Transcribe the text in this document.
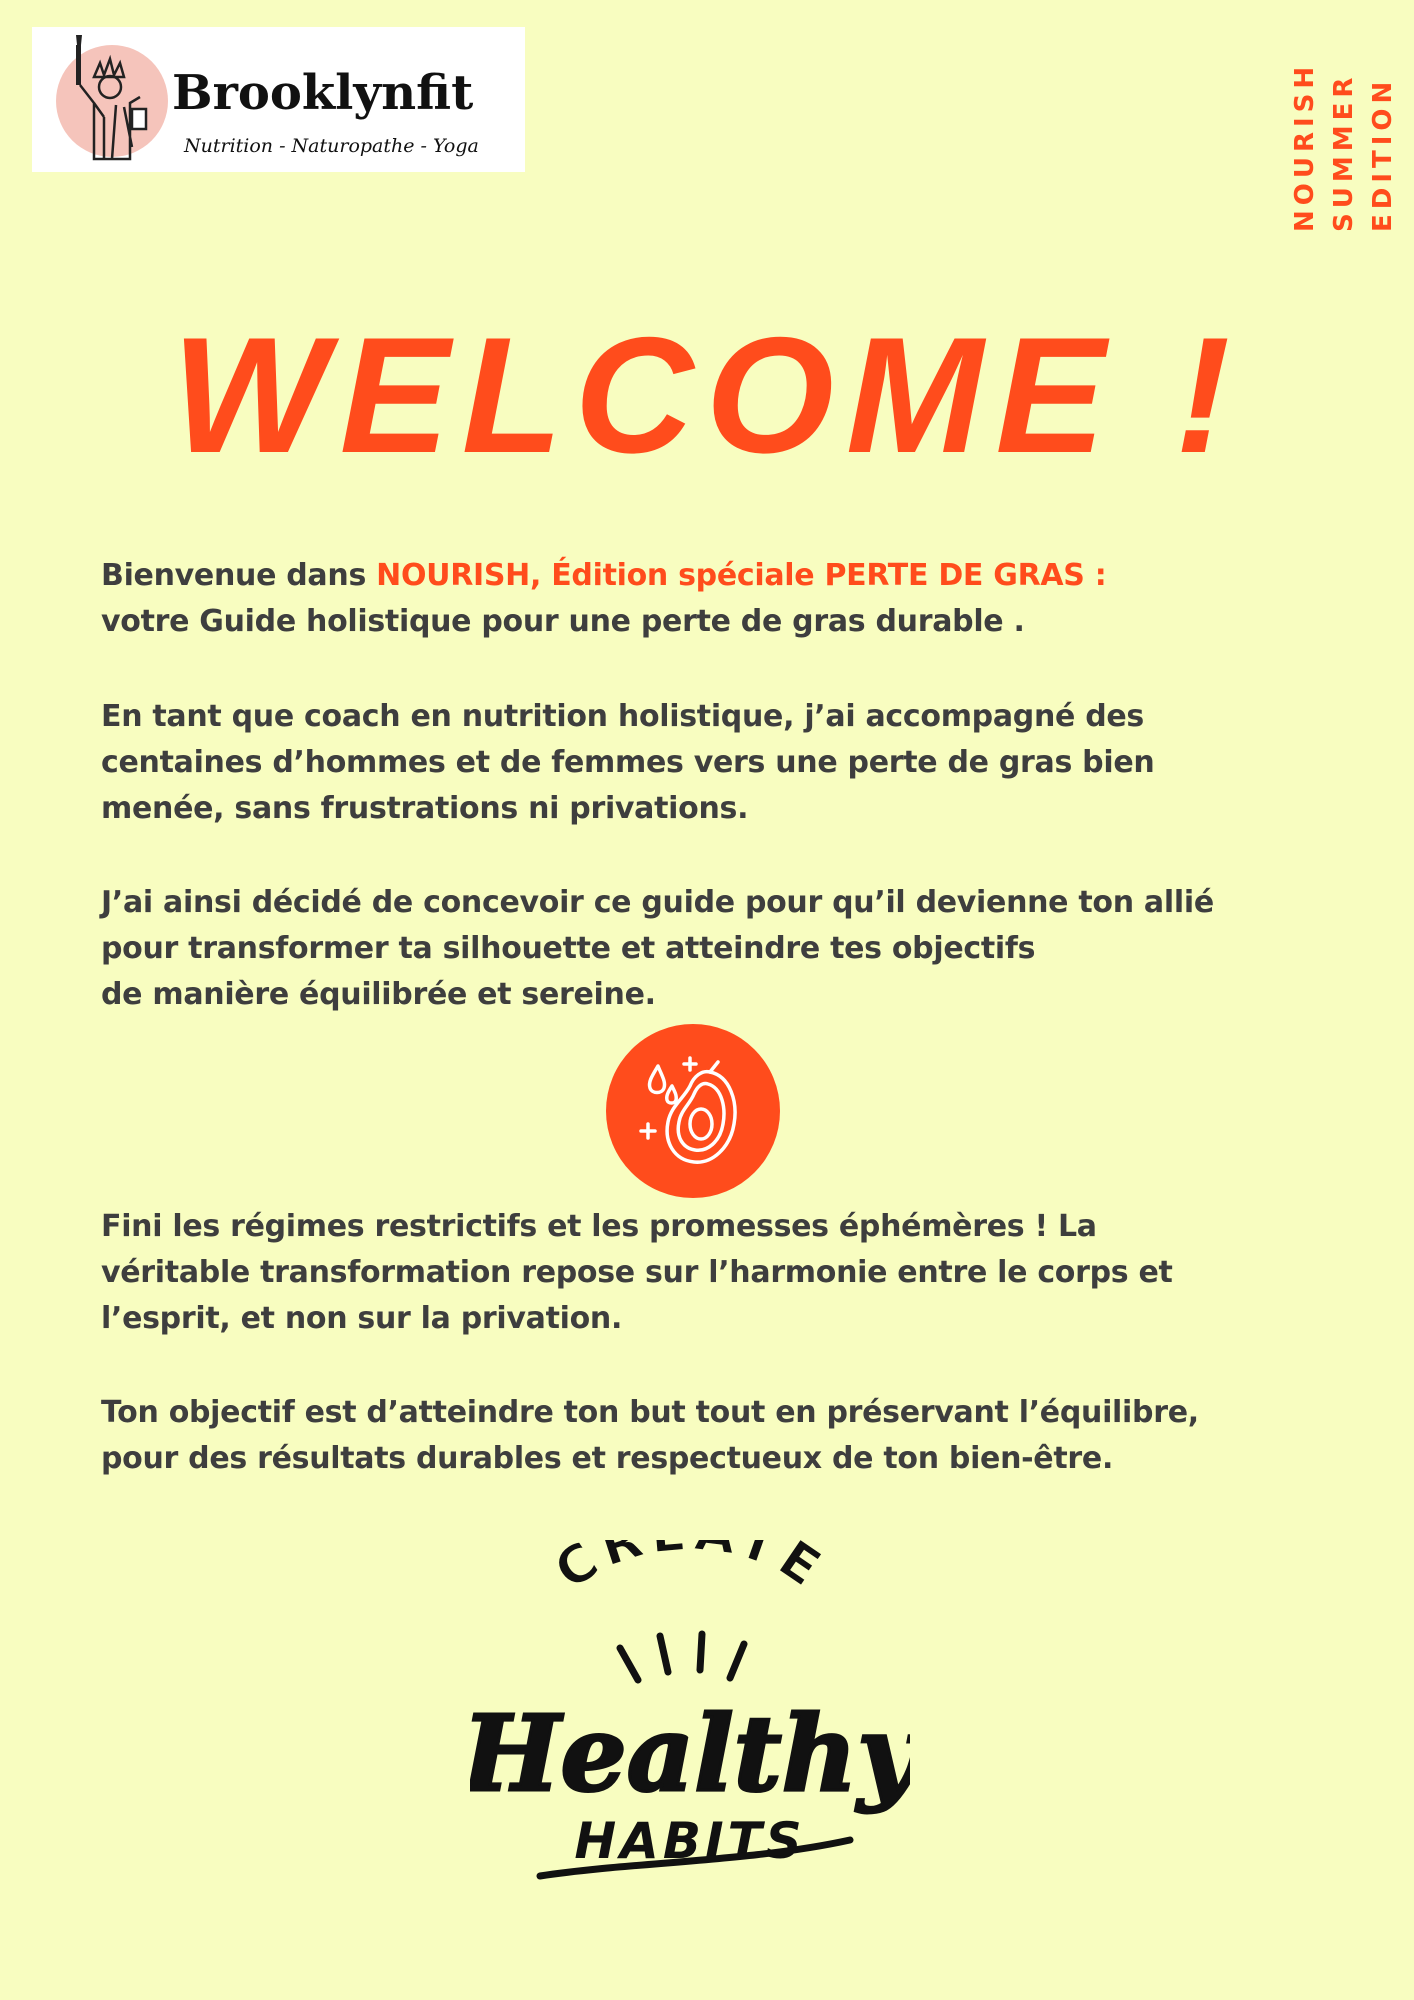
Brooklynfit
Nutrition - Naturopathe - Yoga	NOURISH SUMMER EDITION
WELCOME !

Bienvenue dans NOURISH, Édition spéciale PERTE DE GRAS :
votre Guide holistique pour une perte de gras durable .

En tant que coach en nutrition holistique, j’ai accompagné des
centaines d’hommes et de femmes vers une perte de gras bien
menée, sans frustrations ni privations.

J’ai ainsi décidé de concevoir ce guide pour qu’il devienne ton allié
pour transformer ta silhouette et atteindre tes objectifs
de manière équilibrée et sereine.

Fini les régimes restrictifs et les promesses éphémères ! La
véritable transformation repose sur l’harmonie entre le corps et
l’esprit, et non sur la privation.

Ton objectif est d’atteindre ton but tout en préservant l’équilibre,
pour des résultats durables et respectueux de ton bien-être.

CR TE
Healthy
HABITS
